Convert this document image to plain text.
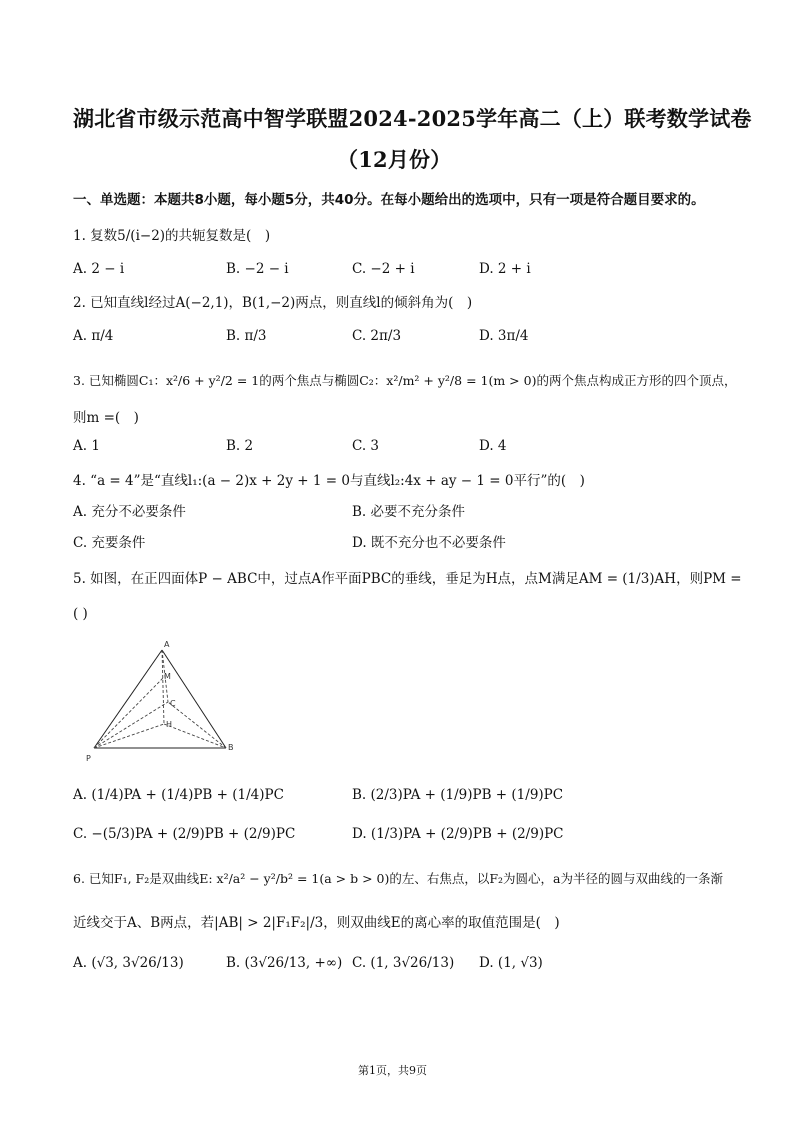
湖北省市级示范高中智学联盟2024-2025学年高二（上）联考数学试卷
（12月份）
一、单选题：本题共8小题，每小题5分，共40分。在每小题给出的选项中，只有一项是符合题目要求的。
1. 复数5/(i−2)的共轭复数是( )
A. 2 − i	B. −2 − i	C. −2 + i	D. 2 + i
2. 已知直线l经过A(−2,1)，B(1,−2)两点，则直线l的倾斜角为( )
A. π/4	B. π/3	C. 2π/3	D. 3π/4
3. 已知椭圆C₁：x²/6 + y²/2 = 1的两个焦点与椭圆C₂：x²/m² + y²/8 = 1(m > 0)的两个焦点构成正方形的四个顶点，
则m =( )
A. 1	B. 2	C. 3	D. 4
4. “a = 4”是“直线l₁:(a − 2)x + 2y + 1 = 0与直线l₂:4x + ay − 1 = 0平行”的( )
A. 充分不必要条件	B. 必要不充分条件
C. 充要条件	D. 既不充分也不必要条件
5. 如图，在正四面体P − ABC中，过点A作平面PBC的垂线，垂足为H点，点M满足AM = (1/3)AH，则PM =
( )
A
M
C
H
P
B
A. (1/4)PA + (1/4)PB + (1/4)PC	B. (2/3)PA + (1/9)PB + (1/9)PC
C. −(5/3)PA + (2/9)PB + (2/9)PC	D. (1/3)PA + (2/9)PB + (2/9)PC
6. 已知F₁, F₂是双曲线E: x²/a² − y²/b² = 1(a > b > 0)的左、右焦点，以F₂为圆心，a为半径的圆与双曲线的一条渐
近线交于A、B两点，若|AB| > 2|F₁F₂|/3，则双曲线E的离心率的取值范围是( )
A. (√3, 3√26/13)	B. (3√26/13, +∞) C. (1, 3√26/13) D. (1, √3)
第1页，共9页
